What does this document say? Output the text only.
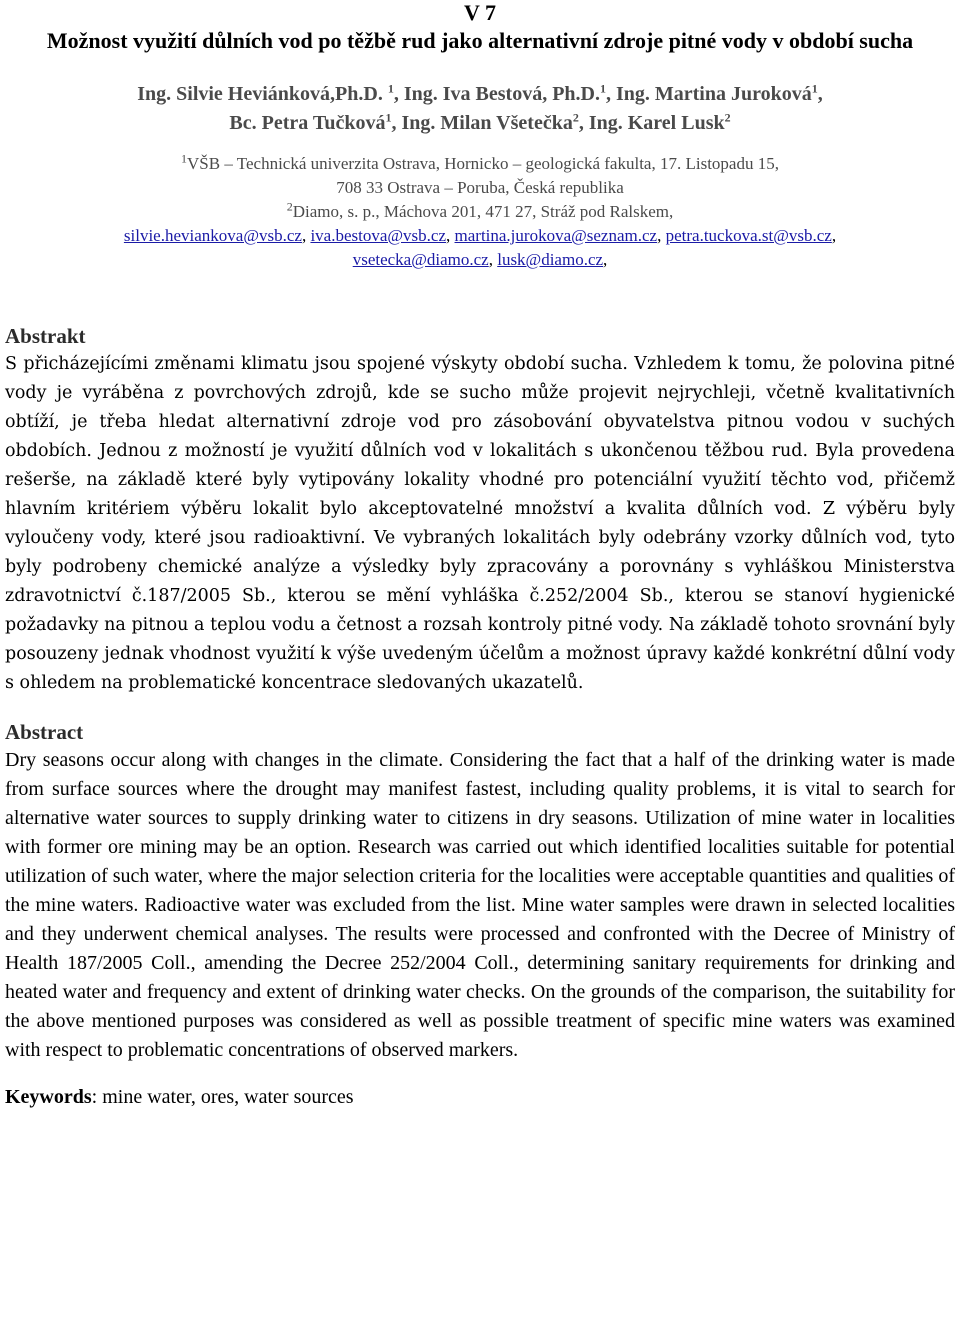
V 7
Možnost využití důlních vod po těžbě rud jako alternativní zdroje pitné vody v období sucha
Ing. Silvie Heviánková,Ph.D. $^1$, Ing. Iva Bestová, Ph.D.$^1$, Ing. Martina Juroková$^1$,
Bc. Petra Tučková$^1$, Ing. Milan Všetečka$^2$, Ing. Karel Lusk$^2$
$^1$VŠB – Technická univerzita Ostrava, Hornicko – geologická fakulta, 17. Listopadu 15,
708 33 Ostrava – Poruba, Česká republika
$^2$Diamo, s. p., Máchova 201, 471 27, Stráž pod Ralskem,
silvie.heviankova@vsb.cz, iva.bestova@vsb.cz, martina.jurokova@seznam.cz, petra.tuckova.st@vsb.cz,
vsetecka@diamo.cz, lusk@diamo.cz,
Abstrakt
S přicházejícími změnami klimatu jsou spojené výskyty období sucha. Vzhledem k tomu, že polovina pitné vody je vyráběna z povrchových zdrojů, kde se sucho může projevit nejrychleji, včetně kvalitativních obtíží, je třeba hledat alternativní zdroje vod pro zásobování obyvatelstva pitnou vodou v suchých obdobích. Jednou z možností je využití důlních vod v lokalitách s ukončenou těžbou rud. Byla provedena rešerše, na základě které byly vytipovány lokality vhodné pro potenciální využití těchto vod, přičemž hlavním kritériem výběru lokalit bylo akceptovatelné množství a kvalita důlních vod. Z výběru byly vyloučeny vody, které jsou radioaktivní. Ve vybraných lokalitách byly odebrány vzorky důlních vod, tyto byly podrobeny chemické analýze a výsledky byly zpracovány a porovnány s vyhláškou Ministerstva zdravotnictví č.187/2005 Sb., kterou se mění vyhláška č.252/2004 Sb., kterou se stanoví hygienické požadavky na pitnou a teplou vodu a četnost a rozsah kontroly pitné vody. Na základě tohoto srovnání byly posouzeny jednak vhodnost využití k výše uvedeným účelům a možnost úpravy každé konkrétní důlní vody s ohledem na problematické koncentrace sledovaných ukazatelů.
Abstract
Dry seasons occur along with changes in the climate. Considering the fact that a half of the drinking water is made from surface sources where the drought may manifest fastest, including quality problems, it is vital to search for alternative water sources to supply drinking water to citizens in dry seasons. Utilization of mine water in localities with former ore mining may be an option. Research was carried out which identified localities suitable for potential utilization of such water, where the major selection criteria for the localities were acceptable quantities and qualities of the mine waters. Radioactive water was excluded from the list. Mine water samples were drawn in selected localities and they underwent chemical analyses. The results were processed and confronted with the Decree of Ministry of Health 187/2005 Coll., amending the Decree 252/2004 Coll., determining sanitary requirements for drinking and heated water and frequency and extent of drinking water checks. On the grounds of the comparison, the suitability for the above mentioned purposes was considered as well as possible treatment of specific mine waters was examined with respect to problematic concentrations of observed markers.
Keywords: mine water, ores, water sources
